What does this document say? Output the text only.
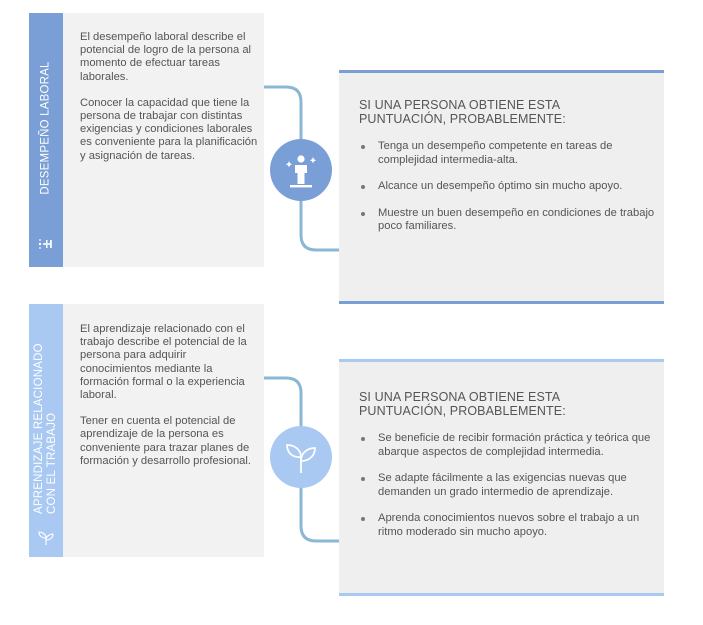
DESEMPEÑO LABORAL

El desempeño laboral describe el potencial de logro de la persona al momento de efectuar tareas laborales.

Conocer la capacidad que tiene la persona de trabajar con distintas exigencias y condiciones laborales es conveniente para la planificación y asignación de tareas.

SI UNA PERSONA OBTIENE ESTA PUNTUACIÓN, PROBABLEMENTE:
Tenga un desempeño competente en tareas de complejidad intermedia-alta.
Alcance un desempeño óptimo sin mucho apoyo.
Muestre un buen desempeño en condiciones de trabajo poco familiares.
APRENDIZAJE RELACIONADO CON EL TRABAJO

El aprendizaje relacionado con el trabajo describe el potencial de la persona para adquirir conocimientos mediante la formación formal o la experiencia laboral.

Tener en cuenta el potencial de aprendizaje de la persona es conveniente para trazar planes de formación y desarrollo profesional.

SI UNA PERSONA OBTIENE ESTA PUNTUACIÓN, PROBABLEMENTE:
Se beneficie de recibir formación práctica y teórica que abarque aspectos de complejidad intermedia.
Se adapte fácilmente a las exigencias nuevas que demanden un grado intermedio de aprendizaje.
Aprenda conocimientos nuevos sobre el trabajo a un ritmo moderado sin mucho apoyo.
